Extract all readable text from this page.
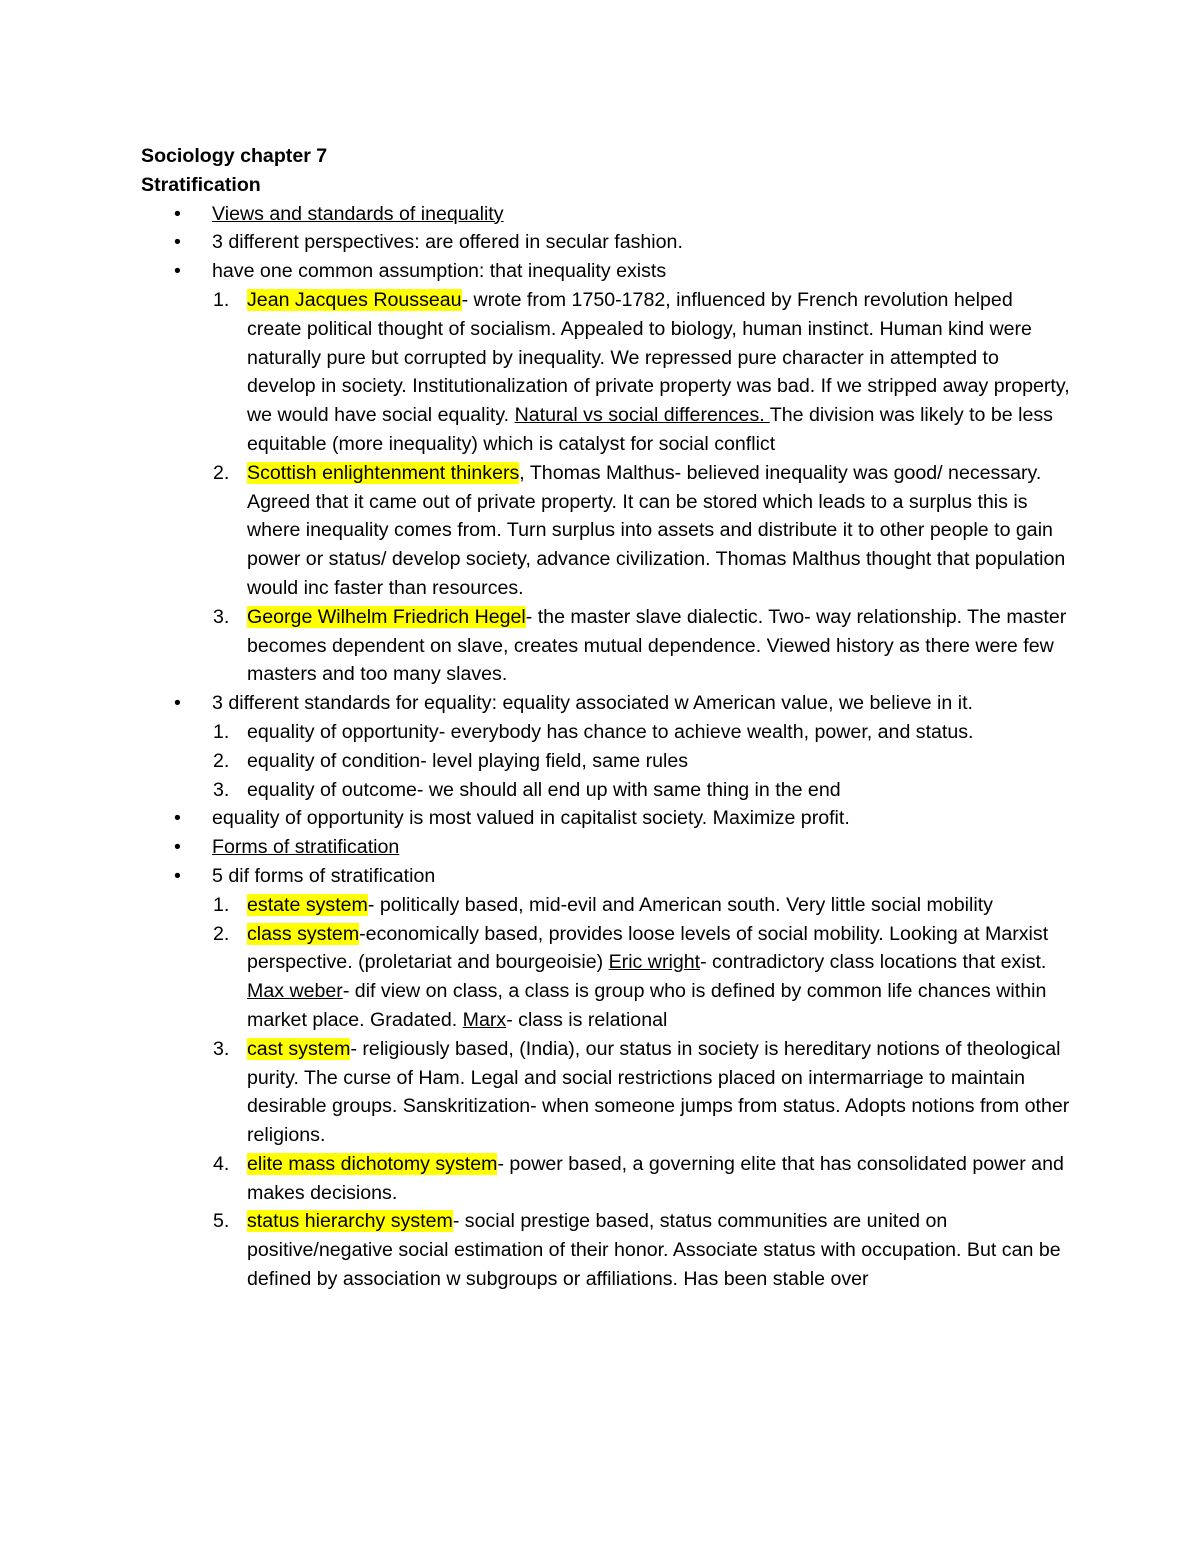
Sociology chapter 7
Stratification
•	Views and standards of inequality
•	3 different perspectives: are offered in secular fashion.
•	have one common assumption: that inequality exists
1. Jean Jacques Rousseau- wrote from 1750-1782, influenced by French revolution helped create political thought of socialism. Appealed to biology, human instinct. Human kind were naturally pure but corrupted by inequality. We repressed pure character in attempted to develop in society. Institutionalization of private property was bad. If we stripped away property, we would have social equality. Natural vs social differences. The division was likely to be less equitable (more inequality) which is catalyst for social conflict
2. Scottish enlightenment thinkers, Thomas Malthus- believed inequality was good/ necessary. Agreed that it came out of private property. It can be stored which leads to a surplus this is where inequality comes from. Turn surplus into assets and distribute it to other people to gain power or status/ develop society, advance civilization. Thomas Malthus thought that population would inc faster than resources.
3. George Wilhelm Friedrich Hegel- the master slave dialectic. Two- way relationship. The master becomes dependent on slave, creates mutual dependence. Viewed history as there were few masters and too many slaves.
•	3 different standards for equality: equality associated w American value, we believe in it.
1. equality of opportunity- everybody has chance to achieve wealth, power, and status.
2. equality of condition- level playing field, same rules
3. equality of outcome- we should all end up with same thing in the end
•	equality of opportunity is most valued in capitalist society. Maximize profit.
•	Forms of stratification
•	5 dif forms of stratification
1. estate system- politically based, mid-evil and American south. Very little social mobility
2. class system-economically based, provides loose levels of social mobility. Looking at Marxist perspective. (proletariat and bourgeoisie) Eric wright- contradictory class locations that exist. Max weber- dif view on class, a class is group who is defined by common life chances within market place. Gradated. Marx- class is relational
3. cast system- religiously based, (India), our status in society is hereditary notions of theological purity. The curse of Ham. Legal and social restrictions placed on intermarriage to maintain desirable groups. Sanskritization- when someone jumps from status. Adopts notions from other religions.
4. elite mass dichotomy system- power based, a governing elite that has consolidated power and makes decisions.
5. status hierarchy system- social prestige based, status communities are united on positive/negative social estimation of their honor. Associate status with occupation. But can be defined by association w subgroups or affiliations. Has been stable over
